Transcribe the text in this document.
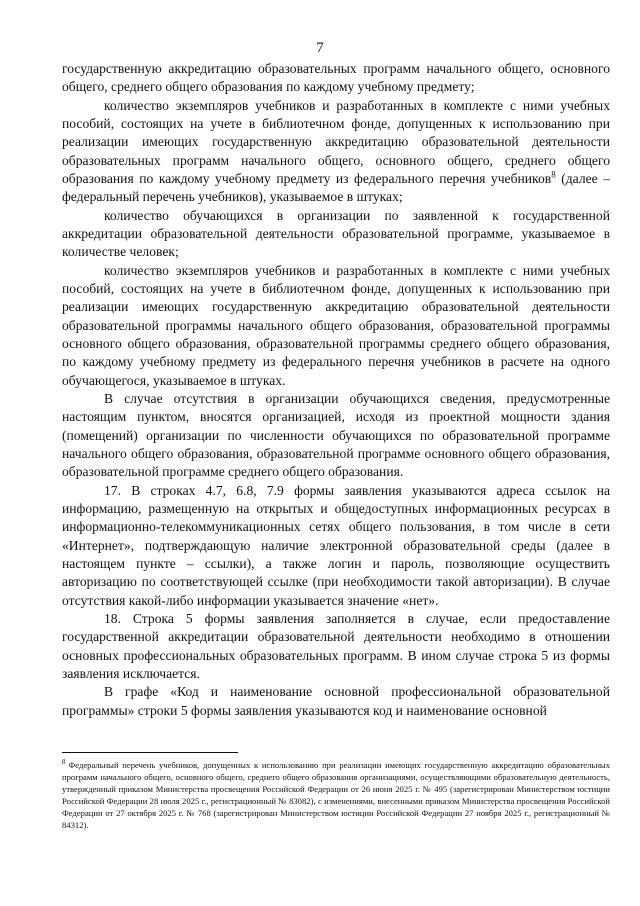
7

государственную аккредитацию образовательных программ начального общего, основного общего, среднего общего образования по каждому учебному предмету;

количество экземпляров учебников и разработанных в комплекте с ними учебных пособий, состоящих на учете в библиотечном фонде, допущенных к использованию при реализации имеющих государственную аккредитацию образовательной деятельности образовательных программ начального общего, основного общего, среднего общего образования по каждому учебному предмету из федерального перечня учебников$^8$ (далее – федеральный перечень учебников), указываемое в штуках;

количество обучающихся в организации по заявленной к государственной аккредитации образовательной деятельности образовательной программе, указываемое в количестве человек;

количество экземпляров учебников и разработанных в комплекте с ними учебных пособий, состоящих на учете в библиотечном фонде, допущенных к использованию при реализации имеющих государственную аккредитацию образовательной деятельности образовательной программы начального общего образования, образовательной программы основного общего образования, образовательной программы среднего общего образования, по каждому учебному предмету из федерального перечня учебников в расчете на одного обучающегося, указываемое в штуках.

В случае отсутствия в организации обучающихся сведения, предусмотренные настоящим пунктом, вносятся организацией, исходя из проектной мощности здания (помещений) организации по численности обучающихся по образовательной программе начального общего образования, образовательной программе основного общего образования, образовательной программе среднего общего образования.

17. В строках 4.7, 6.8, 7.9 формы заявления указываются адреса ссылок на информацию, размещенную на открытых и общедоступных информационных ресурсах в информационно-телекоммуникационных сетях общего пользования, в том числе в сети «Интернет», подтверждающую наличие электронной образовательной среды (далее в настоящем пункте – ссылки), а также логин и пароль, позволяющие осуществить авторизацию по соответствующей ссылке (при необходимости такой авторизации). В случае отсутствия какой-либо информации указывается значение «нет».

18. Строка 5 формы заявления заполняется в случае, если предоставление государственной аккредитации образовательной деятельности необходимо в отношении основных профессиональных образовательных программ. В ином случае строка 5 из формы заявления исключается.

В графе «Код и наименование основной профессиональной образовательной программы» строки 5 формы заявления указываются код и наименование основной

$^8$ Федеральный перечень учебников, допущенных к использованию при реализации имеющих государственную аккредитацию образовательных программ начального общего, основного общего, среднего общего образования организациями, осуществляющими образовательную деятельность, утвержденный приказом Министерства просвещения Российской Федерации от 26 июня 2025 г. № 495 (зарегистрирован Министерством юстиции Российской Федерации 28 июля 2025 г., регистрационный № 83082), с изменениями, внесенными приказом Министерства просвещения Российской Федерации от 27 октября 2025 г. № 768 (зарегистрирован Министерством юстиции Российской Федерации 27 ноября 2025 г., регистрационный № 84312).
